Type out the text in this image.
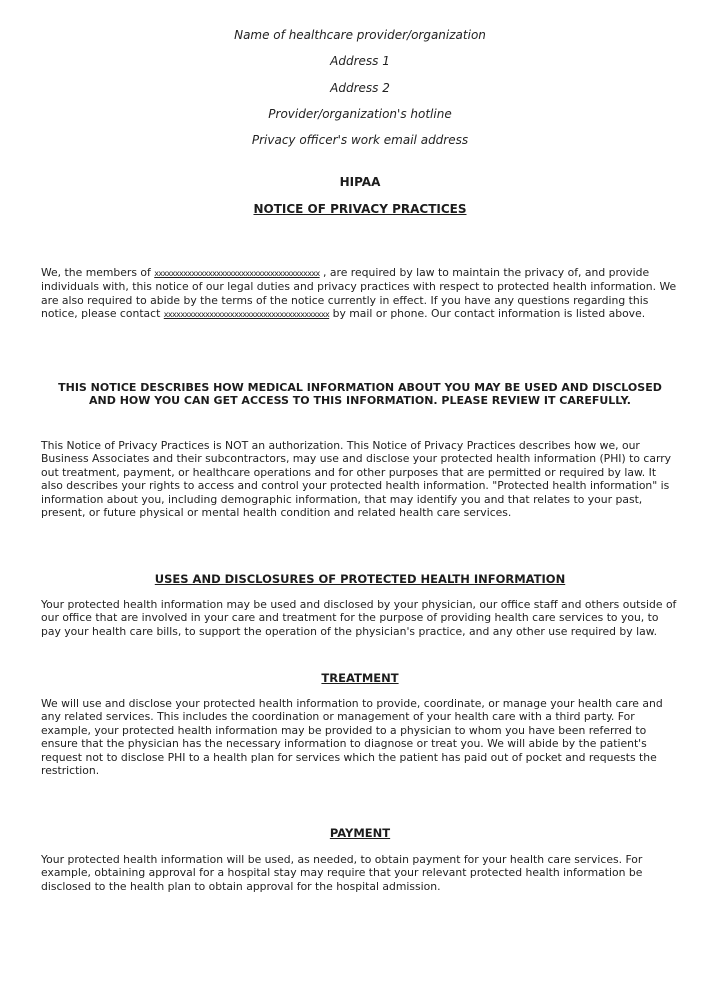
Name of healthcare provider/organization
Address 1
Address 2
Provider/organization's hotline
Privacy officer's work email address
HIPAA
NOTICE OF PRIVACY PRACTICES
We, the members of xxxxxxxxxxxxxxxxxxxxxxxxxxxxxxxxxxxxxxxx , are required by law to maintain the privacy of, and provide individuals with, this notice of our legal duties and privacy practices with respect to protected health information. We are also required to abide by the terms of the notice currently in effect. If you have any questions regarding this notice, please contact xxxxxxxxxxxxxxxxxxxxxxxxxxxxxxxxxxxxxxxx by mail or phone. Our contact information is listed above.
THIS NOTICE DESCRIBES HOW MEDICAL INFORMATION ABOUT YOU MAY BE USED AND DISCLOSED AND HOW YOU CAN GET ACCESS TO THIS INFORMATION. PLEASE REVIEW IT CAREFULLY.
This Notice of Privacy Practices is NOT an authorization. This Notice of Privacy Practices describes how we, our Business Associates and their subcontractors, may use and disclose your protected health information (PHI) to carry out treatment, payment, or healthcare operations and for other purposes that are permitted or required by law. It also describes your rights to access and control your protected health information. "Protected health information" is information about you, including demographic information, that may identify you and that relates to your past, present, or future physical or mental health condition and related health care services.
USES AND DISCLOSURES OF PROTECTED HEALTH INFORMATION
Your protected health information may be used and disclosed by your physician, our office staff and others outside of our office that are involved in your care and treatment for the purpose of providing health care services to you, to pay your health care bills, to support the operation of the physician's practice, and any other use required by law.
TREATMENT
We will use and disclose your protected health information to provide, coordinate, or manage your health care and any related services. This includes the coordination or management of your health care with a third party. For example, your protected health information may be provided to a physician to whom you have been referred to ensure that the physician has the necessary information to diagnose or treat you. We will abide by the patient's request not to disclose PHI to a health plan for services which the patient has paid out of pocket and requests the restriction.
PAYMENT
Your protected health information will be used, as needed, to obtain payment for your health care services. For example, obtaining approval for a hospital stay may require that your relevant protected health information be disclosed to the health plan to obtain approval for the hospital admission.
